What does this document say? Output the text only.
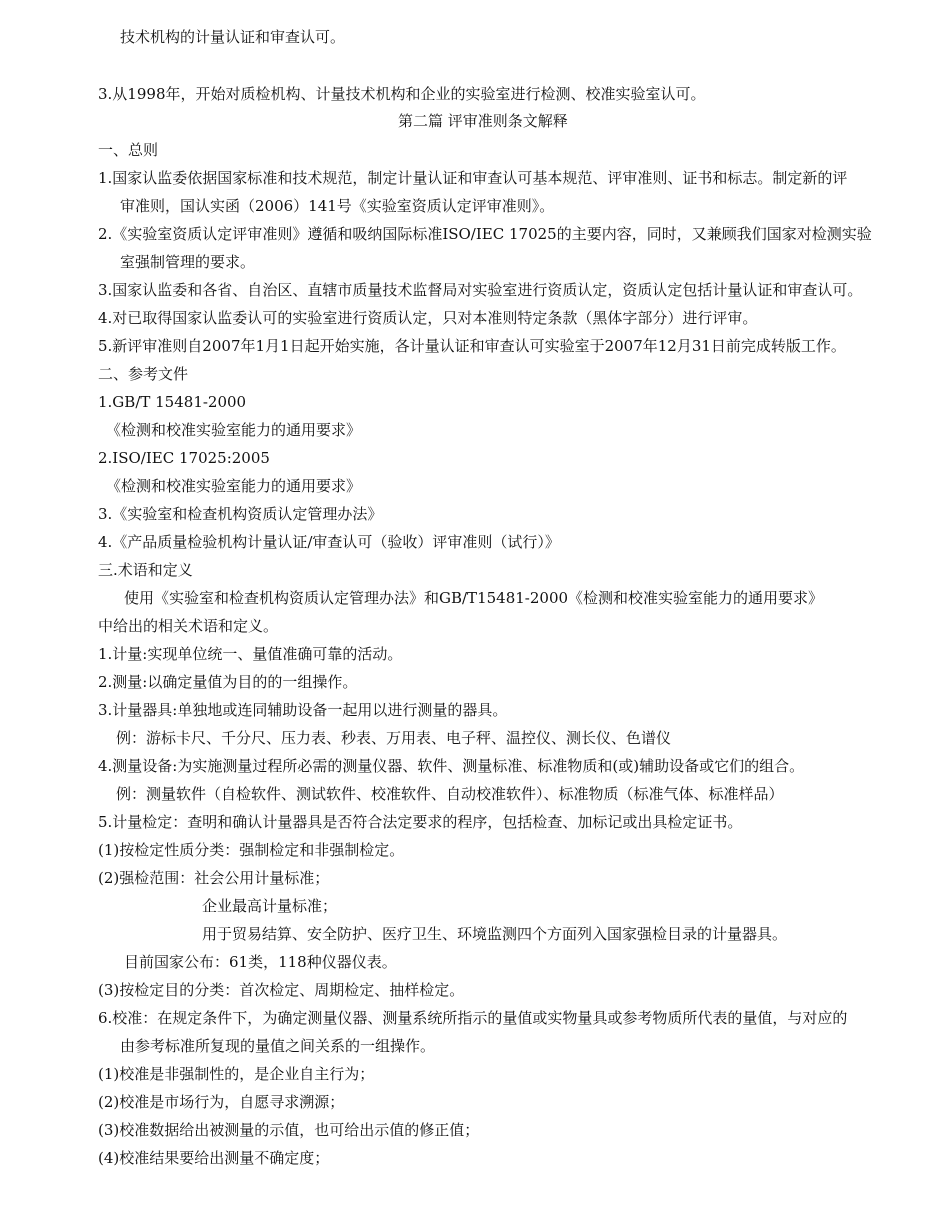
技术机构的计量认证和审查认可。
3.从1998年，开始对质检机构、计量技术机构和企业的实验室进行检测、校准实验室认可。
第二篇 评审准则条文解释
一、总则
1.国家认监委依据国家标准和技术规范，制定计量认证和审查认可基本规范、评审准则、证书和标志。制定新的评
审准则，国认实函（2006）141号《实验室资质认定评审准则》。
2.《实验室资质认定评审准则》遵循和吸纳国际标准ISO/IEC 17025的主要内容，同时，又兼顾我们国家对检测实验
室强制管理的要求。
3.国家认监委和各省、自治区、直辖市质量技术监督局对实验室进行资质认定，资质认定包括计量认证和审查认可。
4.对已取得国家认监委认可的实验室进行资质认定，只对本准则特定条款（黑体字部分）进行评审。
5.新评审准则自2007年1月1日起开始实施，各计量认证和审查认可实验室于2007年12月31日前完成转版工作。
二、参考文件
1.GB/T 15481-2000
《检测和校准实验室能力的通用要求》
2.ISO/IEC 17025:2005
《检测和校准实验室能力的通用要求》
3.《实验室和检查机构资质认定管理办法》
4.《产品质量检验机构计量认证/审查认可（验收）评审准则（试行）》
三.术语和定义
使用《实验室和检查机构资质认定管理办法》和GB/T15481-2000《检测和校准实验室能力的通用要求》
中给出的相关术语和定义。
1.计量:实现单位统一、量值准确可靠的活动。
2.测量:以确定量值为目的的一组操作。
3.计量器具:单独地或连同辅助设备一起用以进行测量的器具。
例：游标卡尺、千分尺、压力表、秒表、万用表、电子秤、温控仪、测长仪、色谱仪
4.测量设备:为实施测量过程所必需的测量仪器、软件、测量标准、标准物质和(或)辅助设备或它们的组合。
例：测量软件（自检软件、测试软件、校准软件、自动校准软件）、标准物质（标准气体、标准样品）
5.计量检定：查明和确认计量器具是否符合法定要求的程序，包括检查、加标记或出具检定证书。
(1)按检定性质分类：强制检定和非强制检定。
(2)强检范围：社会公用计量标准；
企业最高计量标准；
用于贸易结算、安全防护、医疗卫生、环境监测四个方面列入国家强检目录的计量器具。
目前国家公布：61类，118种仪器仪表。
(3)按检定目的分类：首次检定、周期检定、抽样检定。
6.校准：在规定条件下，为确定测量仪器、测量系统所指示的量值或实物量具或参考物质所代表的量值，与对应的
由参考标准所复现的量值之间关系的一组操作。
(1)校准是非强制性的，是企业自主行为；
(2)校准是市场行为，自愿寻求溯源；
(3)校准数据给出被测量的示值，也可给出示值的修正值；
(4)校准结果要给出测量不确定度；
